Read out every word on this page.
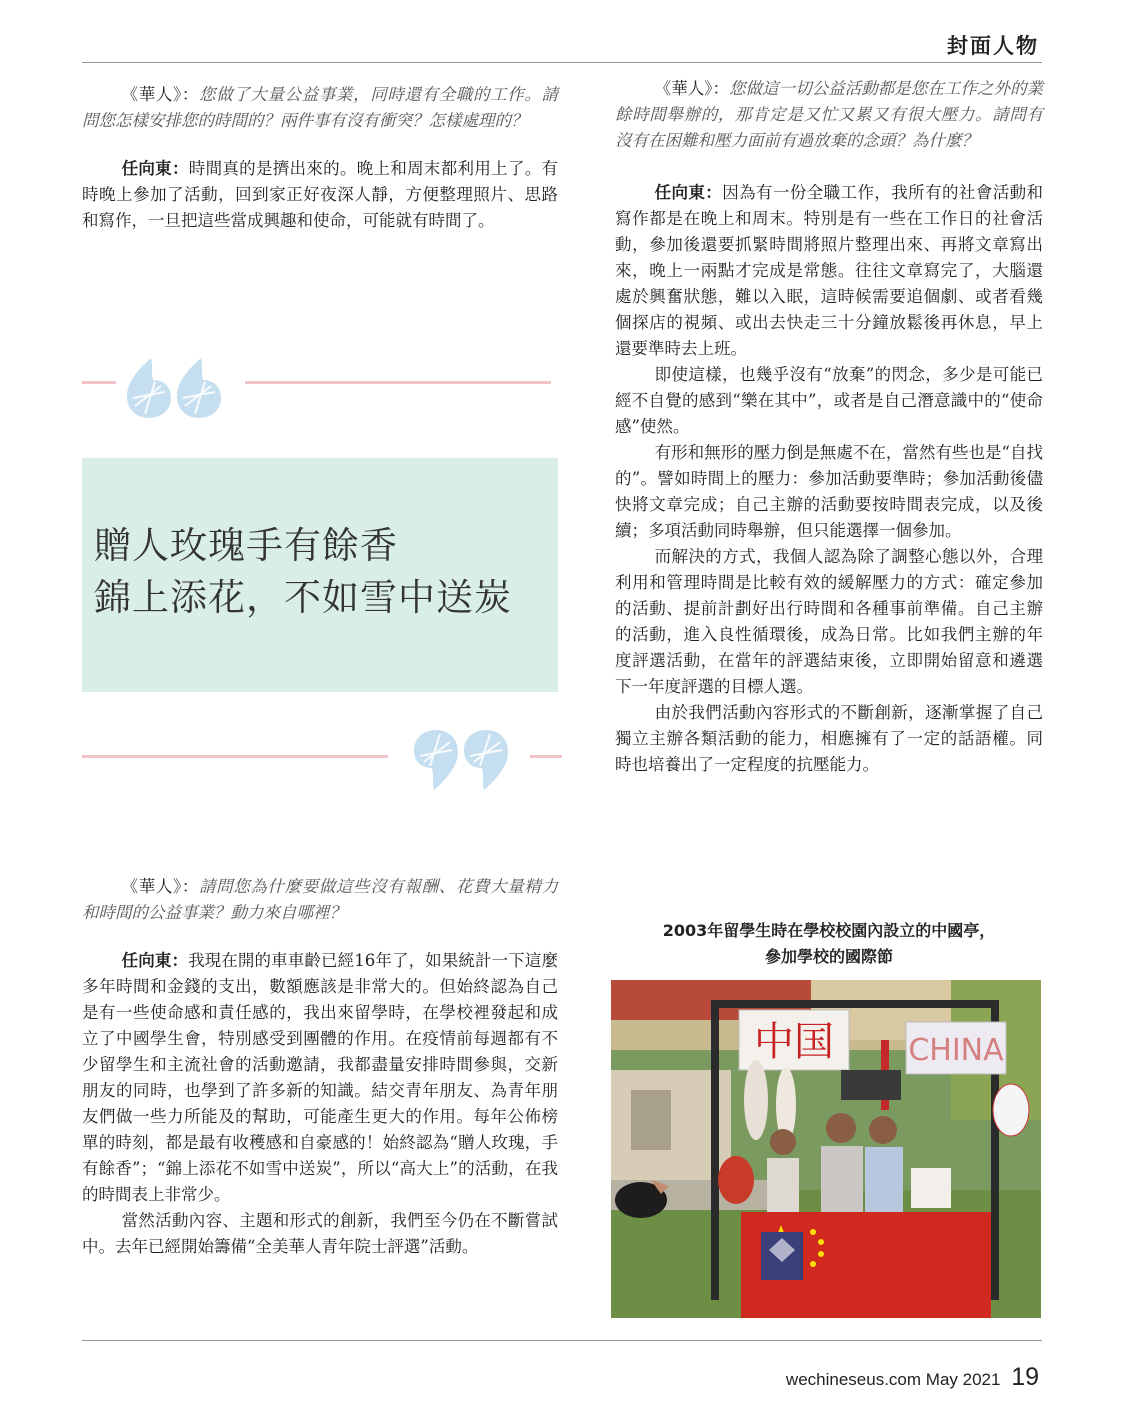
封面人物

《華人》：您做了大量公益事業，同時還有全職的工作。請問您怎樣安排您的時間的？兩件事有沒有衝突？怎樣處理的？

任向東：時間真的是擠出來的。晚上和周末都利用上了。有時晚上參加了活動，回到家正好夜深人靜，方便整理照片、思路和寫作，一旦把這些當成興趣和使命，可能就有時間了。

贈人玫瑰手有餘香
錦上添花，不如雪中送炭

《華人》：請問您為什麼要做這些沒有報酬、花費大量精力和時間的公益事業？動力來自哪裡？

任向東：我現在開的車車齡已經16年了，如果統計一下這麼多年時間和金錢的支出，數額應該是非常大的。但始終認為自己是有一些使命感和責任感的，我出來留學時，在學校裡發起和成立了中國學生會，特別感受到團體的作用。在疫情前每週都有不少留學生和主流社會的活動邀請，我都盡量安排時間參與，交新朋友的同時，也學到了許多新的知識。結交青年朋友、為青年朋友們做一些力所能及的幫助，可能產生更大的作用。每年公佈榜單的時刻，都是最有收穫感和自豪感的！始終認為“贈人玫瑰，手有餘香”；“錦上添花不如雪中送炭”，所以“高大上”的活動，在我的時間表上非常少。

當然活動內容、主題和形式的創新，我們至今仍在不斷嘗試中。去年已經開始籌備“全美華人青年院士評選”活動。

《華人》：您做這一切公益活動都是您在工作之外的業餘時間舉辦的，那肯定是又忙又累又有很大壓力。請問有沒有在困難和壓力面前有過放棄的念頭？為什麼？

任向東：因為有一份全職工作，我所有的社會活動和寫作都是在晚上和周末。特別是有一些在工作日的社會活動，參加後還要抓緊時間將照片整理出來、再將文章寫出來，晚上一兩點才完成是常態。往往文章寫完了，大腦還處於興奮狀態，難以入眠，這時候需要追個劇、或者看幾個探店的視頻、或出去快走三十分鐘放鬆後再休息，早上還要準時去上班。

即使這樣，也幾乎沒有“放棄”的閃念，多少是可能已經不自覺的感到“樂在其中”，或者是自己潛意識中的“使命感”使然。

有形和無形的壓力倒是無處不在，當然有些也是“自找的”。譬如時間上的壓力：參加活動要準時；參加活動後儘快將文章完成；自己主辦的活動要按時間表完成，以及後續；多項活動同時舉辦，但只能選擇一個參加。

而解決的方式，我個人認為除了調整心態以外，合理利用和管理時間是比較有效的緩解壓力的方式：確定參加的活動、提前計劃好出行時間和各種事前準備。自己主辦的活動，進入良性循環後，成為日常。比如我們主辦的年度評選活動，在當年的評選結束後，立即開始留意和遴選下一年度評選的目標人選。

由於我們活動內容形式的不斷創新，逐漸掌握了自己獨立主辦各類活動的能力，相應擁有了一定的話語權。同時也培養出了一定程度的抗壓能力。

2003年留學生時在學校校園內設立的中國亭，
參加學校的國際節
中国 CHINA
wechineseus.com May 2021 19
